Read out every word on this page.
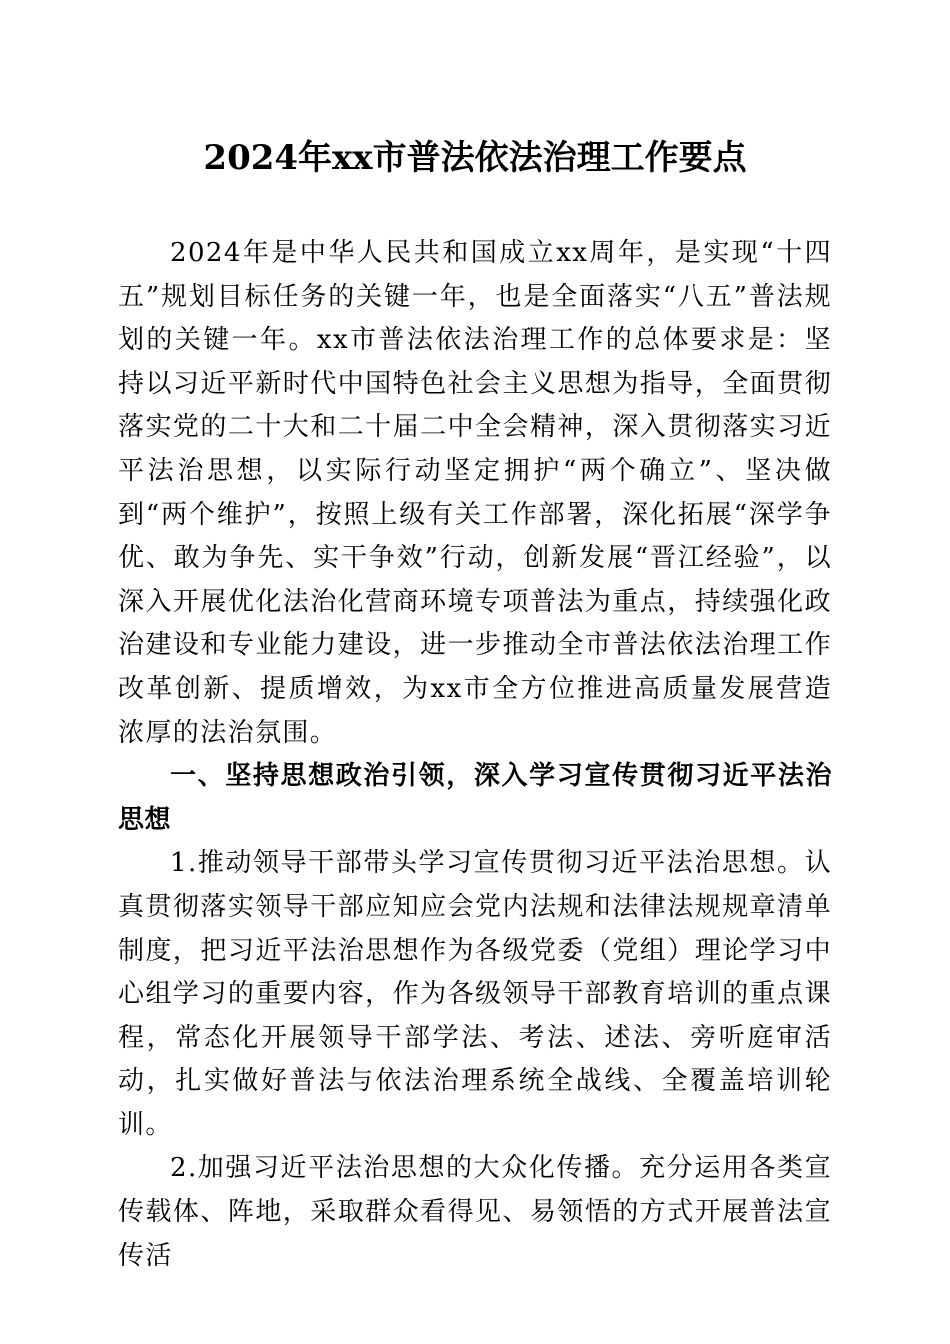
2024年xx市普法依法治理工作要点

2024年是中华人民共和国成立xx周年，是实现“十四五”规划目标任务的关键一年，也是全面落实“八五”普法规划的关键一年。xx市普法依法治理工作的总体要求是：坚持以习近平新时代中国特色社会主义思想为指导，全面贯彻落实党的二十大和二十届二中全会精神，深入贯彻落实习近平法治思想，以实际行动坚定拥护“两个确立”、坚决做到“两个维护”，按照上级有关工作部署，深化拓展“深学争优、敢为争先、实干争效”行动，创新发展“晋江经验”，以深入开展优化法治化营商环境专项普法为重点，持续强化政治建设和专业能力建设，进一步推动全市普法依法治理工作改革创新、提质增效，为xx市全方位推进高质量发展营造浓厚的法治氛围。

一、坚持思想政治引领，深入学习宣传贯彻习近平法治思想

1.推动领导干部带头学习宣传贯彻习近平法治思想。认真贯彻落实领导干部应知应会党内法规和法律法规规章清单制度，把习近平法治思想作为各级党委（党组）理论学习中心组学习的重要内容，作为各级领导干部教育培训的重点课程，常态化开展领导干部学法、考法、述法、旁听庭审活动，扎实做好普法与依法治理系统全战线、全覆盖培训轮训。

2.加强习近平法治思想的大众化传播。充分运用各类宣传载体、阵地，采取群众看得见、易领悟的方式开展普法宣传活
